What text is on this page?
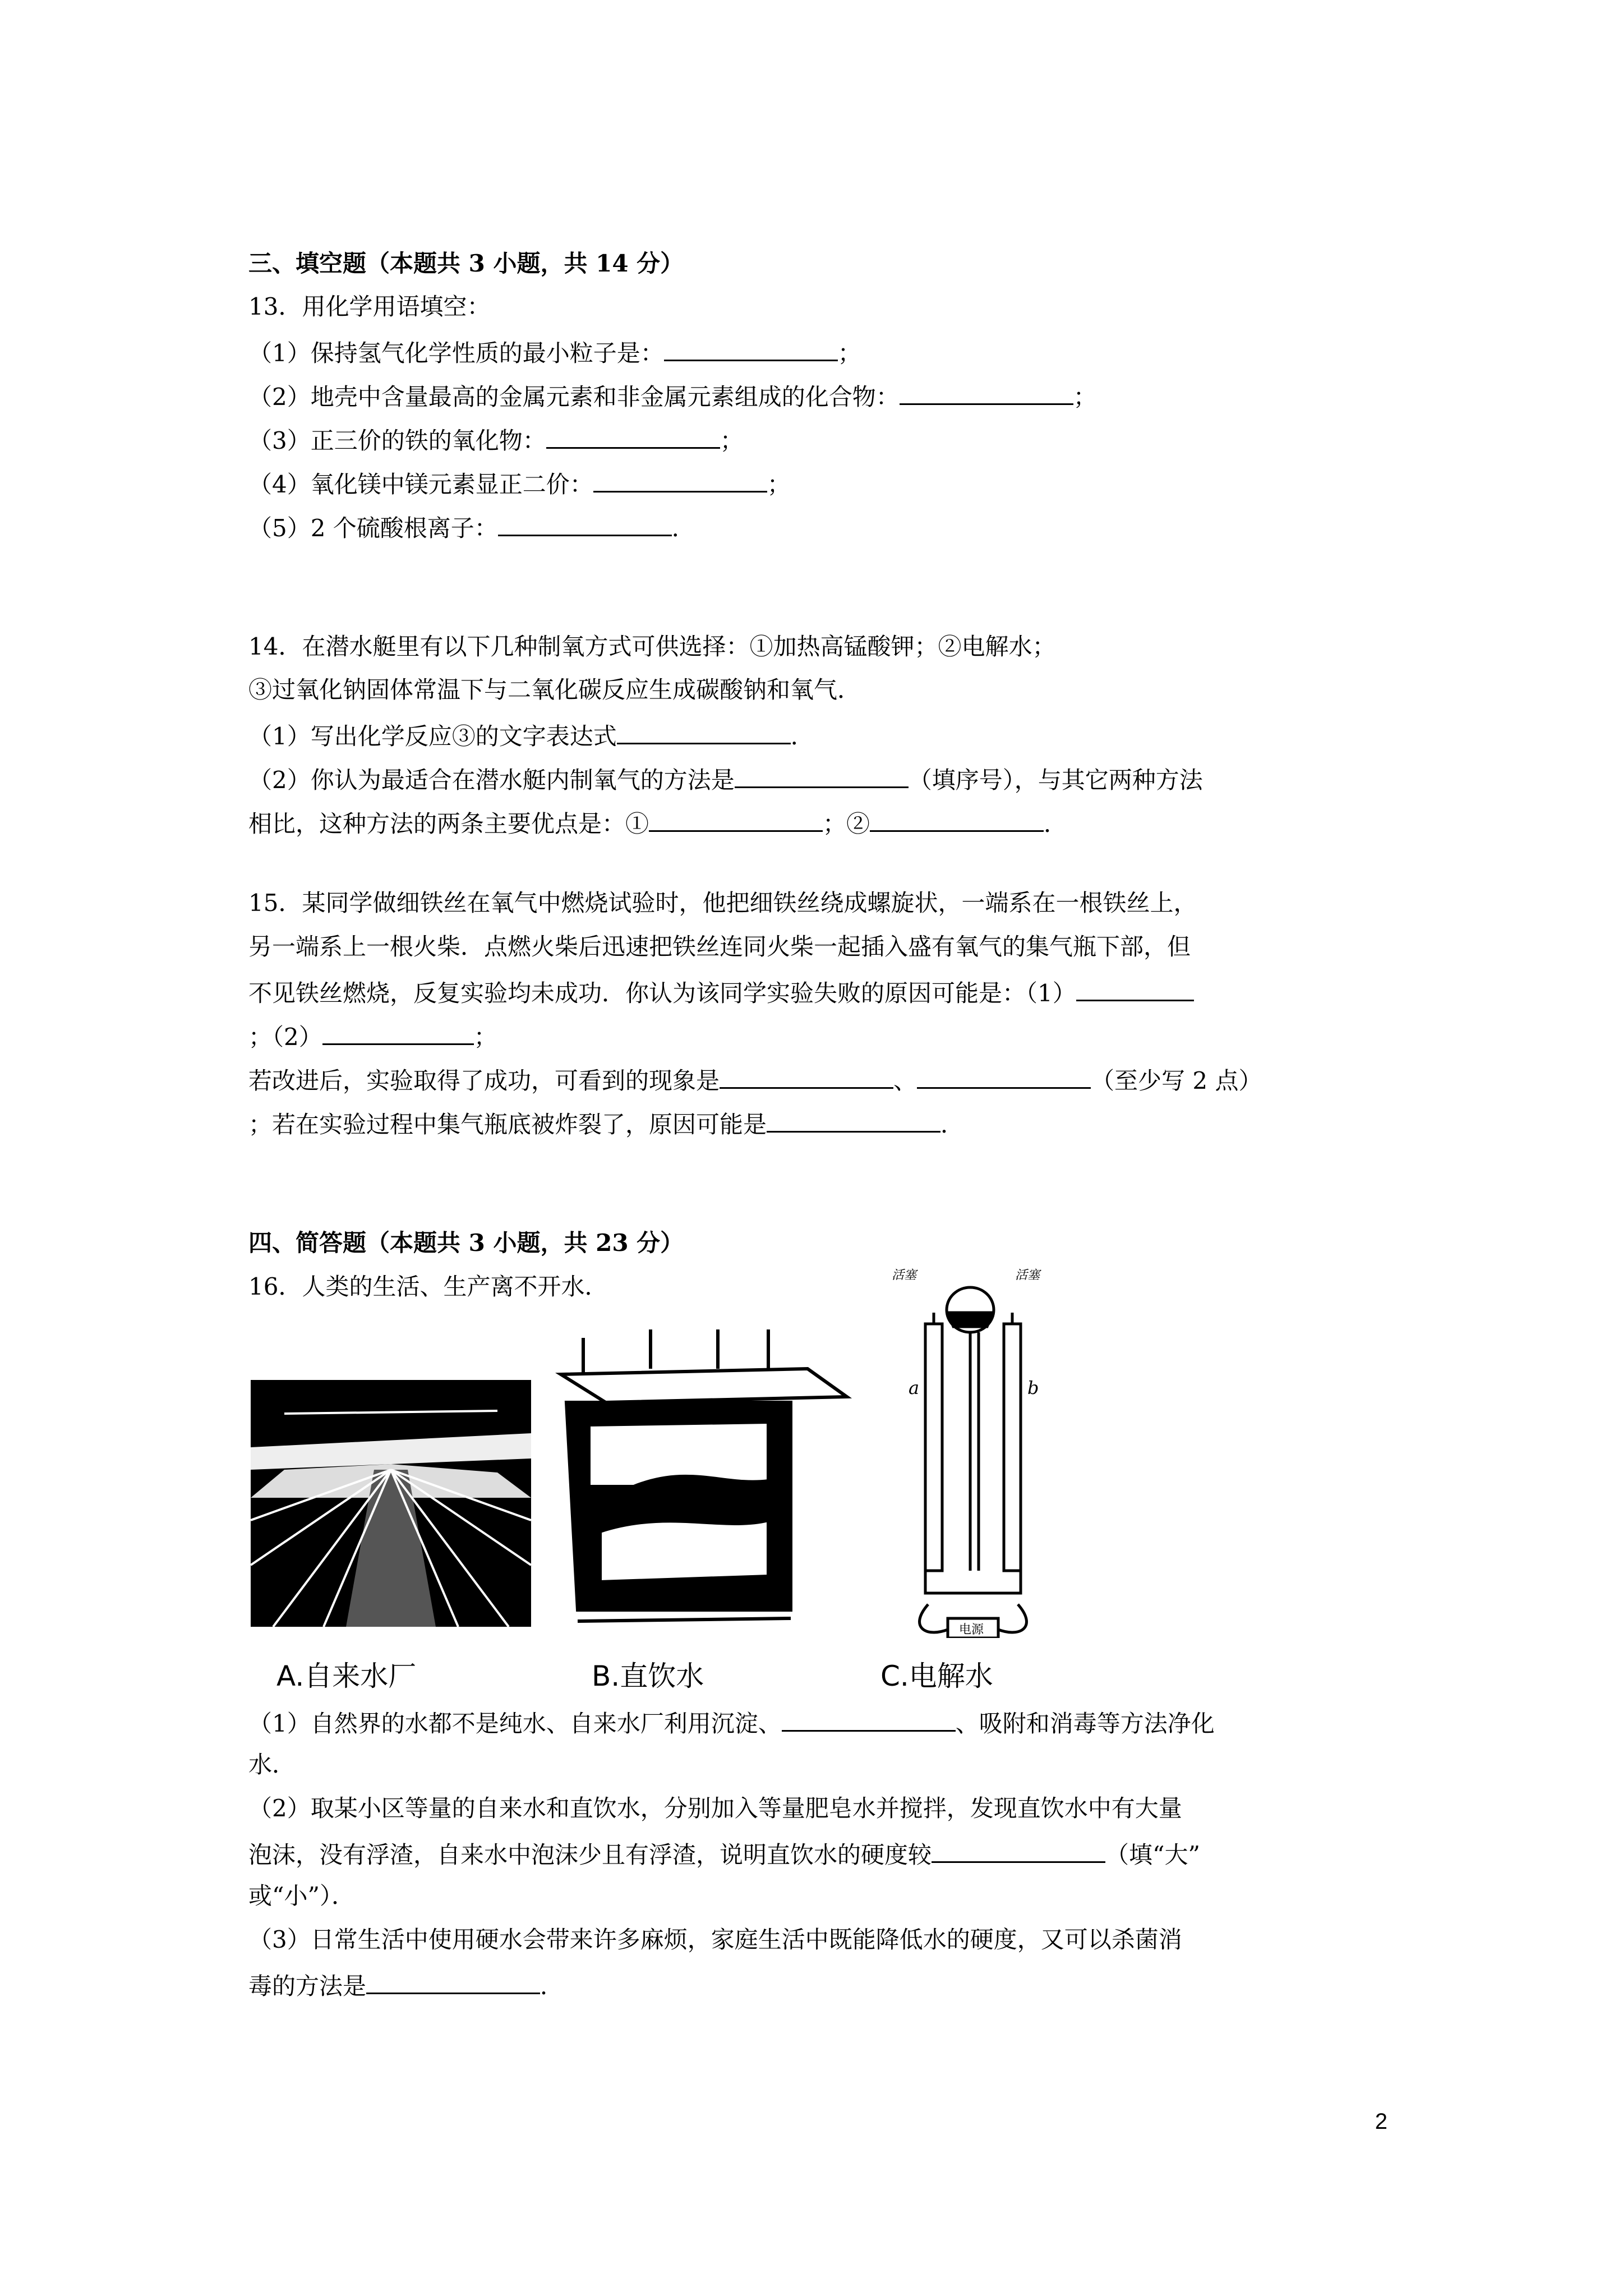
三、填空题（本题共 3 小题，共 14 分）
13．用化学用语填空：
（1）保持氢气化学性质的最小粒子是：	；
（2）地壳中含量最高的金属元素和非金属元素组成的化合物：	；
（3）正三价的铁的氧化物：	；
（4）氧化镁中镁元素显正二价：	；
（5）2 个硫酸根离子：	．
14．在潜水艇里有以下几种制氧方式可供选择：①加热高锰酸钾；②电解水；
③过氧化钠固体常温下与二氧化碳反应生成碳酸钠和氧气．
（1）写出化学反应③的文字表达式	．
（2）你认为最适合在潜水艇内制氧气的方法是	（填序号），与其它两种方法
相比，这种方法的两条主要优点是：①	；②	．
15．某同学做细铁丝在氧气中燃烧试验时，他把细铁丝绕成螺旋状，一端系在一根铁丝上，
另一端系上一根火柴．点燃火柴后迅速把铁丝连同火柴一起插入盛有氧气的集气瓶下部，但
不见铁丝燃烧，反复实验均未成功．你认为该同学实验失败的原因可能是：（1）
；（2）	；
若改进后，实验取得了成功，可看到的现象是	、	（至少写 2 点）
；若在实验过程中集气瓶底被炸裂了，原因可能是	．
四、简答题（本题共 3 小题，共 23 分）
16．人类的生活、生产离不开水．	活塞	活塞
a	b
电源
A.自来水厂	B.直饮水	C.电解水
（1）自然界的水都不是纯水、自来水厂利用沉淀、	、吸附和消毒等方法净化
水．
（2）取某小区等量的自来水和直饮水，分别加入等量肥皂水并搅拌，发现直饮水中有大量
泡沫，没有浮渣，自来水中泡沫少且有浮渣，说明直饮水的硬度较	（填“大”
或“小”）．
（3）日常生活中使用硬水会带来许多麻烦，家庭生活中既能降低水的硬度，又可以杀菌消
毒的方法是	．
2
